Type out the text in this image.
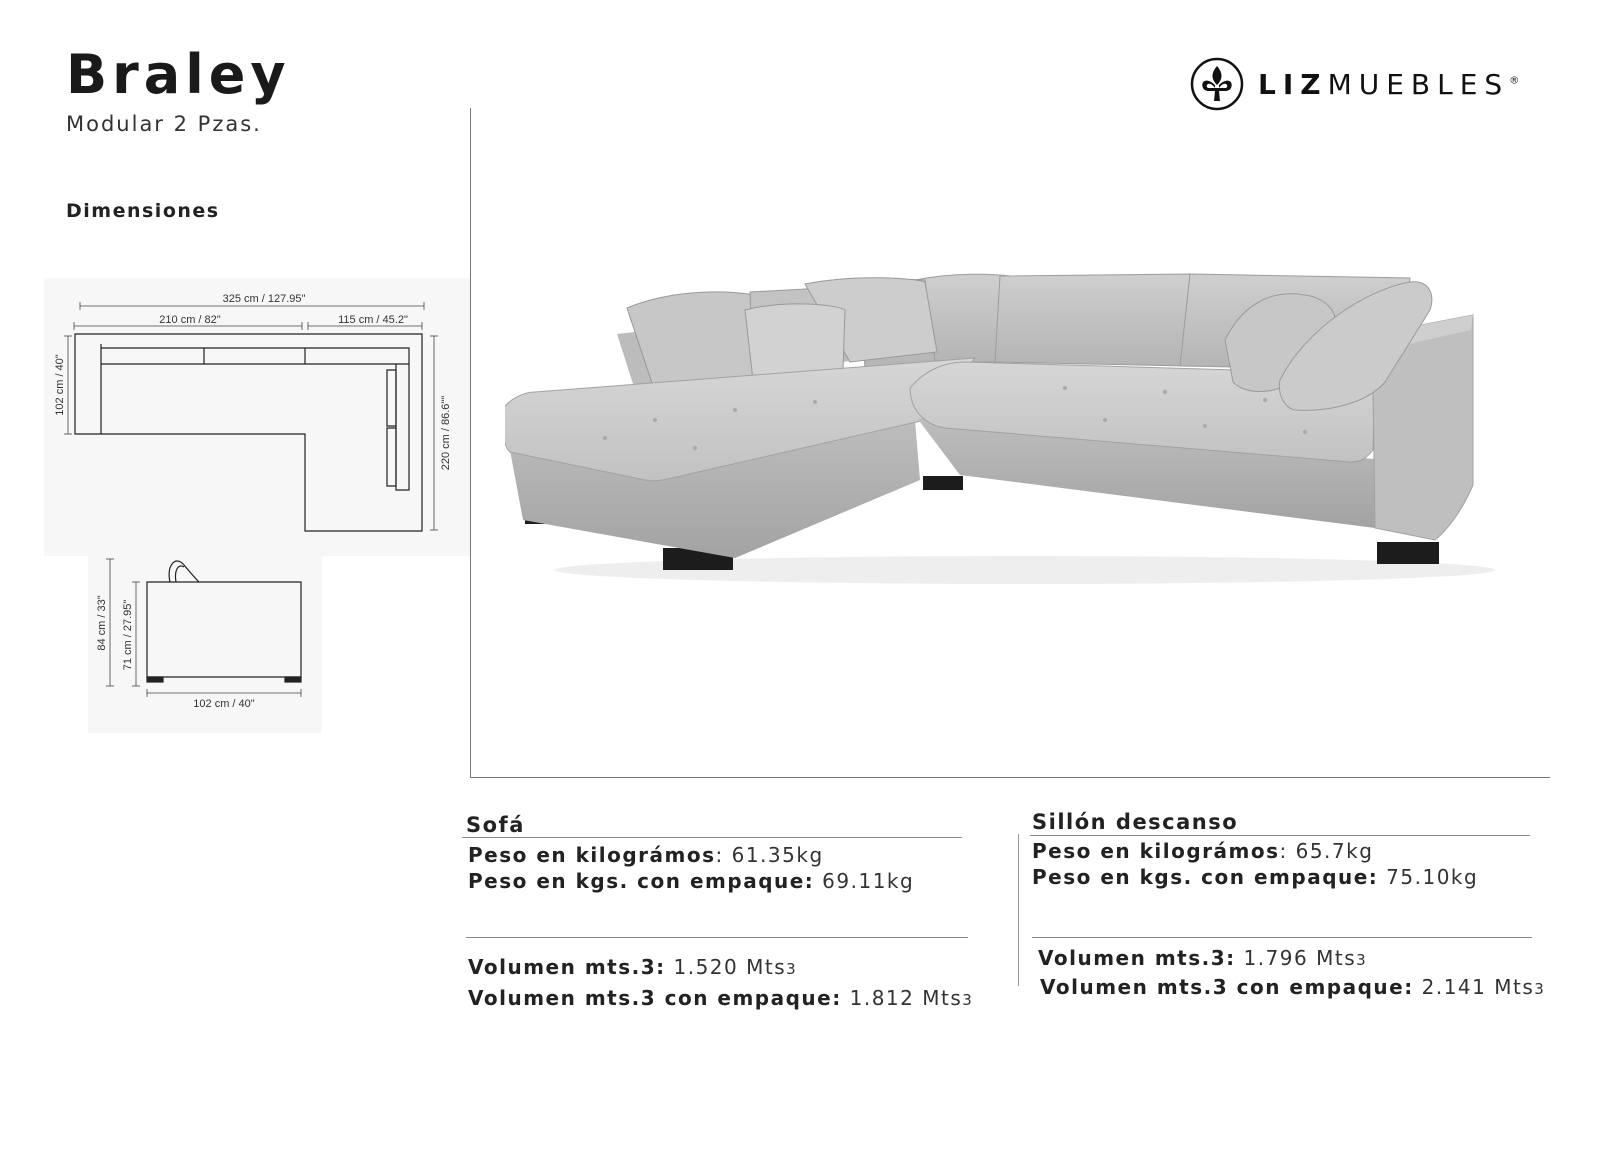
Braley
Modular 2 Pzas.
Dimensiones
LIZMUEBLES®
325 cm / 127.95"
210 cm / 82"	115 cm / 45.2"
102 cm / 40"
220 cm / 86.6""
84 cm / 33" 71 cm / 27.95"
102 cm / 40"
Sofá
Peso en kilográmos: 61.35kg
Peso en kgs. con empaque: 69.11kg
Volumen mts.3: 1.520 Mts3
Volumen mts.3 con empaque: 1.812 Mts3
Sillón descanso
Peso en kilográmos: 65.7kg
Peso en kgs. con empaque: 75.10kg
Volumen mts.3: 1.796 Mts3
Volumen mts.3 con empaque: 2.141 Mts3
